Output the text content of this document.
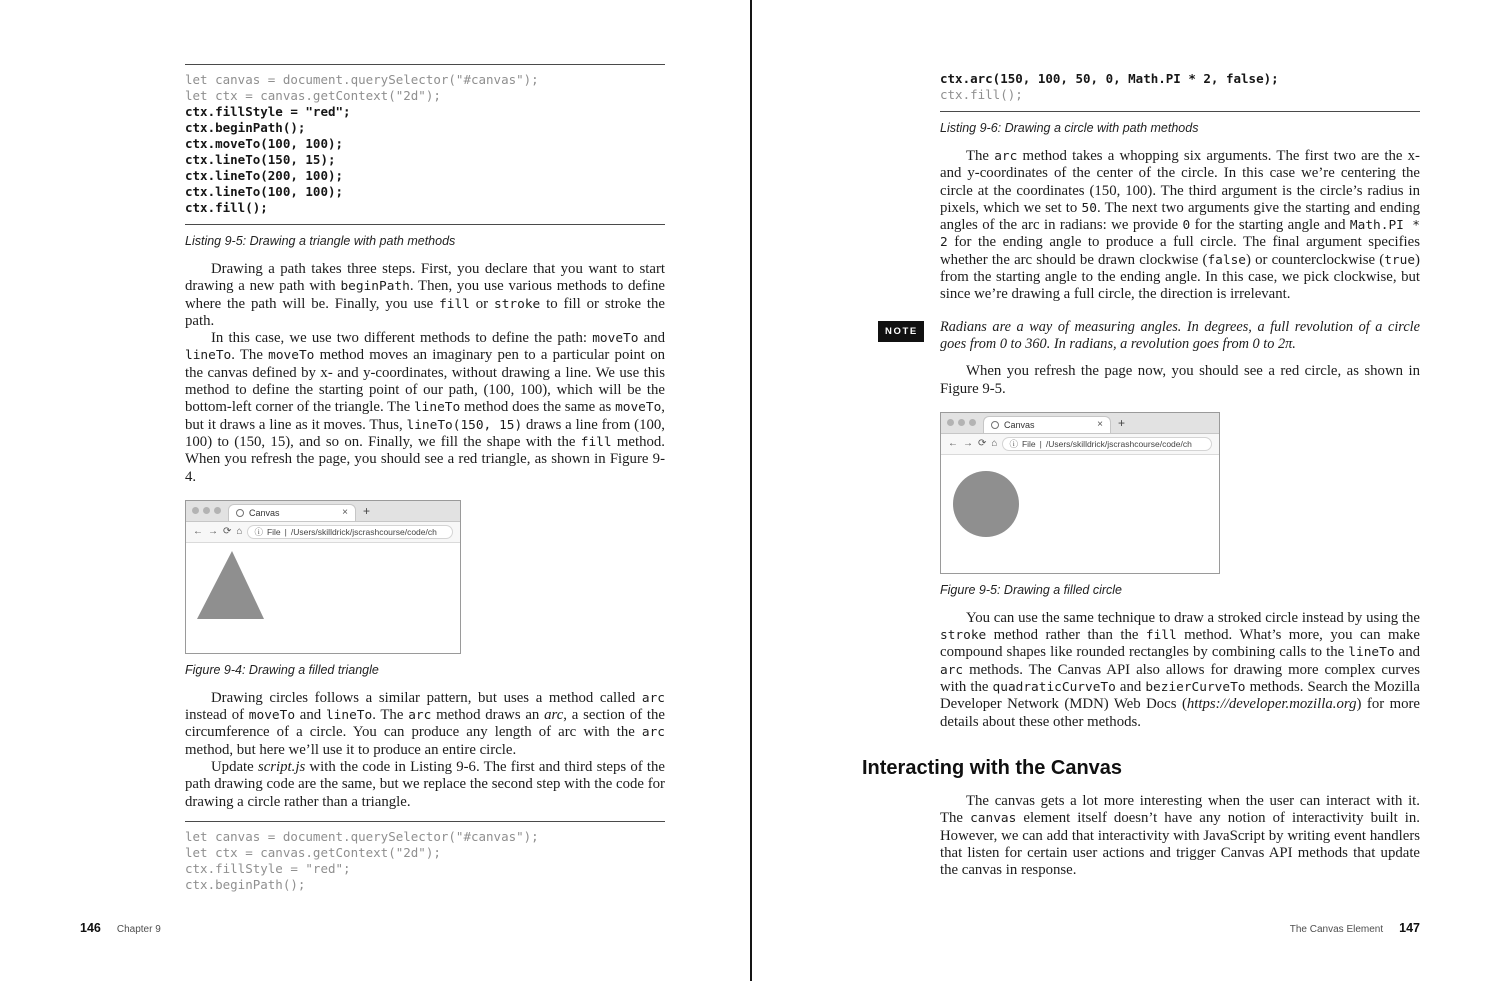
let canvas = document.querySelector("#canvas");
let ctx = canvas.getContext("2d");
ctx.fillStyle = "red";
ctx.beginPath();
ctx.moveTo(100, 100);
ctx.lineTo(150, 15);
ctx.lineTo(200, 100);
ctx.lineTo(100, 100);
ctx.fill();

Listing 9-5: Drawing a triangle with path methods

Drawing a path takes three steps. First, you declare that you want to start drawing a new path with beginPath. Then, you use various methods to define where the path will be. Finally, you use fill or stroke to fill or stroke the path.

In this case, we use two different methods to define the path: moveTo and lineTo. The moveTo method moves an imaginary pen to a particular point on the canvas defined by x- and y-coordinates, without drawing a line. We use this method to define the starting point of our path, (100, 100), which will be the bottom-left corner of the triangle. The lineTo method does the same as moveTo, but it draws a line as it moves. Thus, lineTo(150, 15) draws a line from (100, 100) to (150, 15), and so on. Finally, we fill the shape with the fill method. When you refresh the page, you should see a red triangle, as shown in Figure 9-4.

Canvas	× +
← → ⟳ ⌂ ⓘ File | /Users/skilldrick/jscrashcourse/code/ch

Figure 9-4: Drawing a filled triangle

Drawing circles follows a similar pattern, but uses a method called arc instead of moveTo and lineTo. The arc method draws an arc, a section of the circumference of a circle. You can produce any length of arc with the arc method, but here we’ll use it to produce an entire circle.

Update script.js with the code in Listing 9-6. The first and third steps of the path drawing code are the same, but we replace the second step with the code for drawing a circle rather than a triangle.

let canvas = document.querySelector("#canvas");
let ctx = canvas.getContext("2d");
ctx.fillStyle = "red";
ctx.beginPath();
146 Chapter 9
ctx.arc(150, 100, 50, 0, Math.PI * 2, false);
ctx.fill();

Listing 9-6: Drawing a circle with path methods

The arc method takes a whopping six arguments. The first two are the x- and y-coordinates of the center of the circle. In this case we’re centering the circle at the coordinates (150, 100). The third argument is the circle’s radius in pixels, which we set to 50. The next two arguments give the starting and ending angles of the arc in radians: we provide 0 for the starting angle and Math.PI * 2 for the ending angle to produce a full circle. The final argument specifies whether the arc should be drawn clockwise (false) or counterclockwise (true) from the starting angle to the ending angle. In this case, we pick clockwise, but since we’re drawing a full circle, the direction is irrelevant.

NOTE	Radians are a way of measuring angles. In degrees, a full revolution of a circle goes from 0 to 360. In radians, a revolution goes from 0 to 2π.

When you refresh the page now, you should see a red circle, as shown in Figure 9-5.

Canvas	× +
← → ⟳ ⌂ ⓘ File | /Users/skilldrick/jscrashcourse/code/ch

Figure 9-5: Drawing a filled circle

You can use the same technique to draw a stroked circle instead by using the stroke method rather than the fill method. What’s more, you can make compound shapes like rounded rectangles by combining calls to the lineTo and arc methods. The Canvas API also allows for drawing more complex curves with the quadraticCurveTo and bezierCurveTo methods. Search the Mozilla Developer Network (MDN) Web Docs (https://developer.mozilla.org) for more details about these other methods.

Interacting with the Canvas

The canvas gets a lot more interesting when the user can interact with it. The canvas element itself doesn’t have any notion of interactivity built in. However, we can add that interactivity with JavaScript by writing event handlers that listen for certain user actions and trigger Canvas API methods that update the canvas in response.

The Canvas Element 147
